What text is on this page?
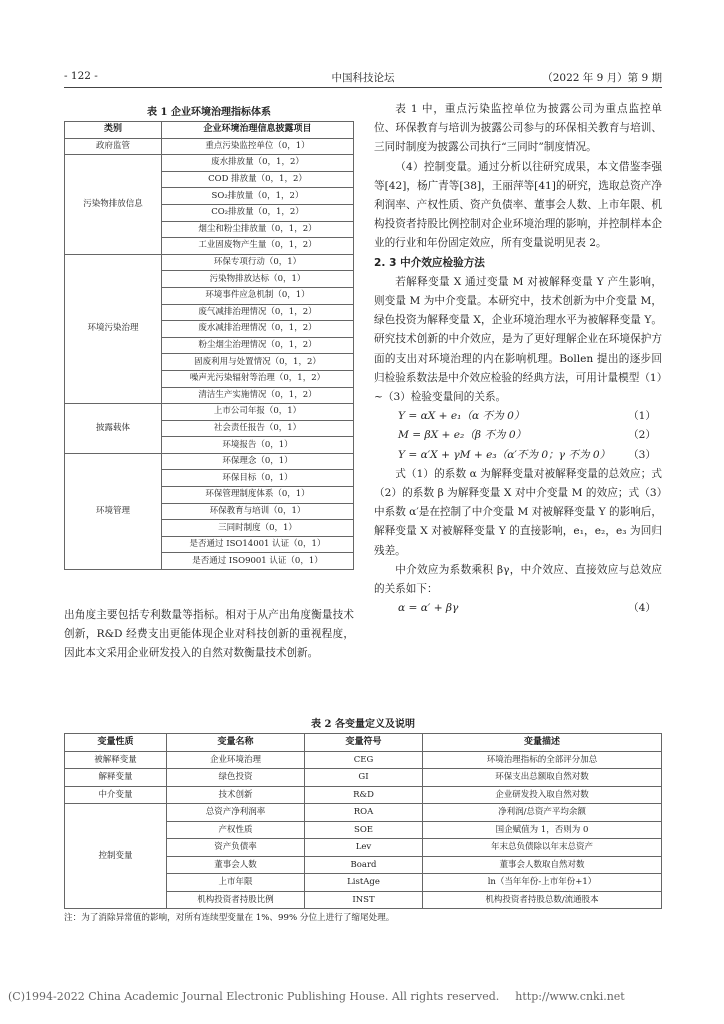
- 122 -	中国科技论坛	（2022 年 9 月）第 9 期
表 1 企业环境治理指标体系
类别	企业环境治理信息披露项目
政府监管	重点污染监控单位（0，1）
污染物排放信息	废水排放量（0，1，2）
	COD 排放量（0，1，2）
	SO₂排放量（0，1，2）
	CO₂排放量（0，1，2）
	烟尘和粉尘排放量（0，1，2）
	工业固废物产生量（0，1，2）
环境污染治理	环保专项行动（0，1）
	污染物排放达标（0，1）
	环境事件应急机制（0，1）
	废气减排治理情况（0，1，2）
	废水减排治理情况（0，1，2）
	粉尘烟尘治理情况（0，1，2）
	固废利用与处置情况（0，1，2）
	噪声光污染辐射等治理（0，1，2）
	清洁生产实施情况（0，1，2）
披露载体	上市公司年报（0，1）
	社会责任报告（0，1）
	环境报告（0，1）
环境管理	环保理念（0，1）
	环保目标（0，1）
	环保管理制度体系（0，1）
	环保教育与培训（0，1）
	三同时制度（0，1）
	是否通过 ISO14001 认证（0，1）
	是否通过 ISO9001 认证（0，1）

出角度主要包括专利数量等指标。相对于从产出角度衡量技术创新，R&D 经费支出更能体现企业对科技创新的重视程度，因此本文采用企业研发投入的自然对数衡量技术创新。

表 1 中，重点污染监控单位为披露公司为重点监控单位、环保教育与培训为披露公司参与的环保相关教育与培训、三同时制度为披露公司执行“三同时”制度情况。

（4）控制变量。通过分析以往研究成果，本文借鉴李强等[42]，杨广青等[38]，王丽萍等[41]的研究，选取总资产净利润率、产权性质、资产负债率、董事会人数、上市年限、机构投资者持股比例控制对企业环境治理的影响，并控制样本企业的行业和年份固定效应，所有变量说明见表 2。

2. 3 中介效应检验方法

若解释变量 X 通过变量 M 对被解释变量 Y 产生影响，则变量 M 为中介变量。本研究中，技术创新为中介变量 M，绿色投资为解释变量 X，企业环境治理水平为被解释变量 Y。研究技术创新的中介效应，是为了更好理解企业在环境保护方面的支出对环境治理的内在影响机理。Bollen 提出的逐步回归检验系数法是中介效应检验的经典方法，可用计量模型（1）~（3）检验变量间的关系。

Y = αX + e₁（α 不为 0）	（1）

M = βX + e₂（β 不为 0）	（2）

Y = α′X + γM + e₃（α′不为 0；γ 不为 0） （3）

式（1）的系数 α 为解释变量对被解释变量的总效应；式（2）的系数 β 为解释变量 X 对中介变量 M 的效应；式（3）中系数 α′是在控制了中介变量 M 对被解释变量 Y 的影响后，解释变量 X 对被解释变量 Y 的直接影响，e₁，e₂，e₃ 为回归残差。

中介效应为系数乘积 βγ，中介效应、直接效应与总效应的关系如下：

α = α′ + βγ	（4）

表 2 各变量定义及说明
变量性质	变量名称	变量符号	变量描述
被解释变量	企业环境治理	CEG	环境治理指标的全部评分加总
解释变量	绿色投资	GI	环保支出总额取自然对数
中介变量	技术创新	R&D	企业研发投入取自然对数
控制变量	总资产净利润率	ROA	净利润/总资产平均余额
	产权性质	SOE	国企赋值为 1，否则为 0
	资产负债率	Lev	年末总负债除以年末总资产
	董事会人数	Board	董事会人数取自然对数
	上市年限	ListAge	ln（当年年份-上市年份+1）
	机构投资者持股比例	INST	机构投资者持股总数/流通股本
注：为了消除异常值的影响，对所有连续型变量在 1%、99% 分位上进行了缩尾处理。
(C)1994-2022 China Academic Journal Electronic Publishing House. All rights reserved. http://www.cnki.net
